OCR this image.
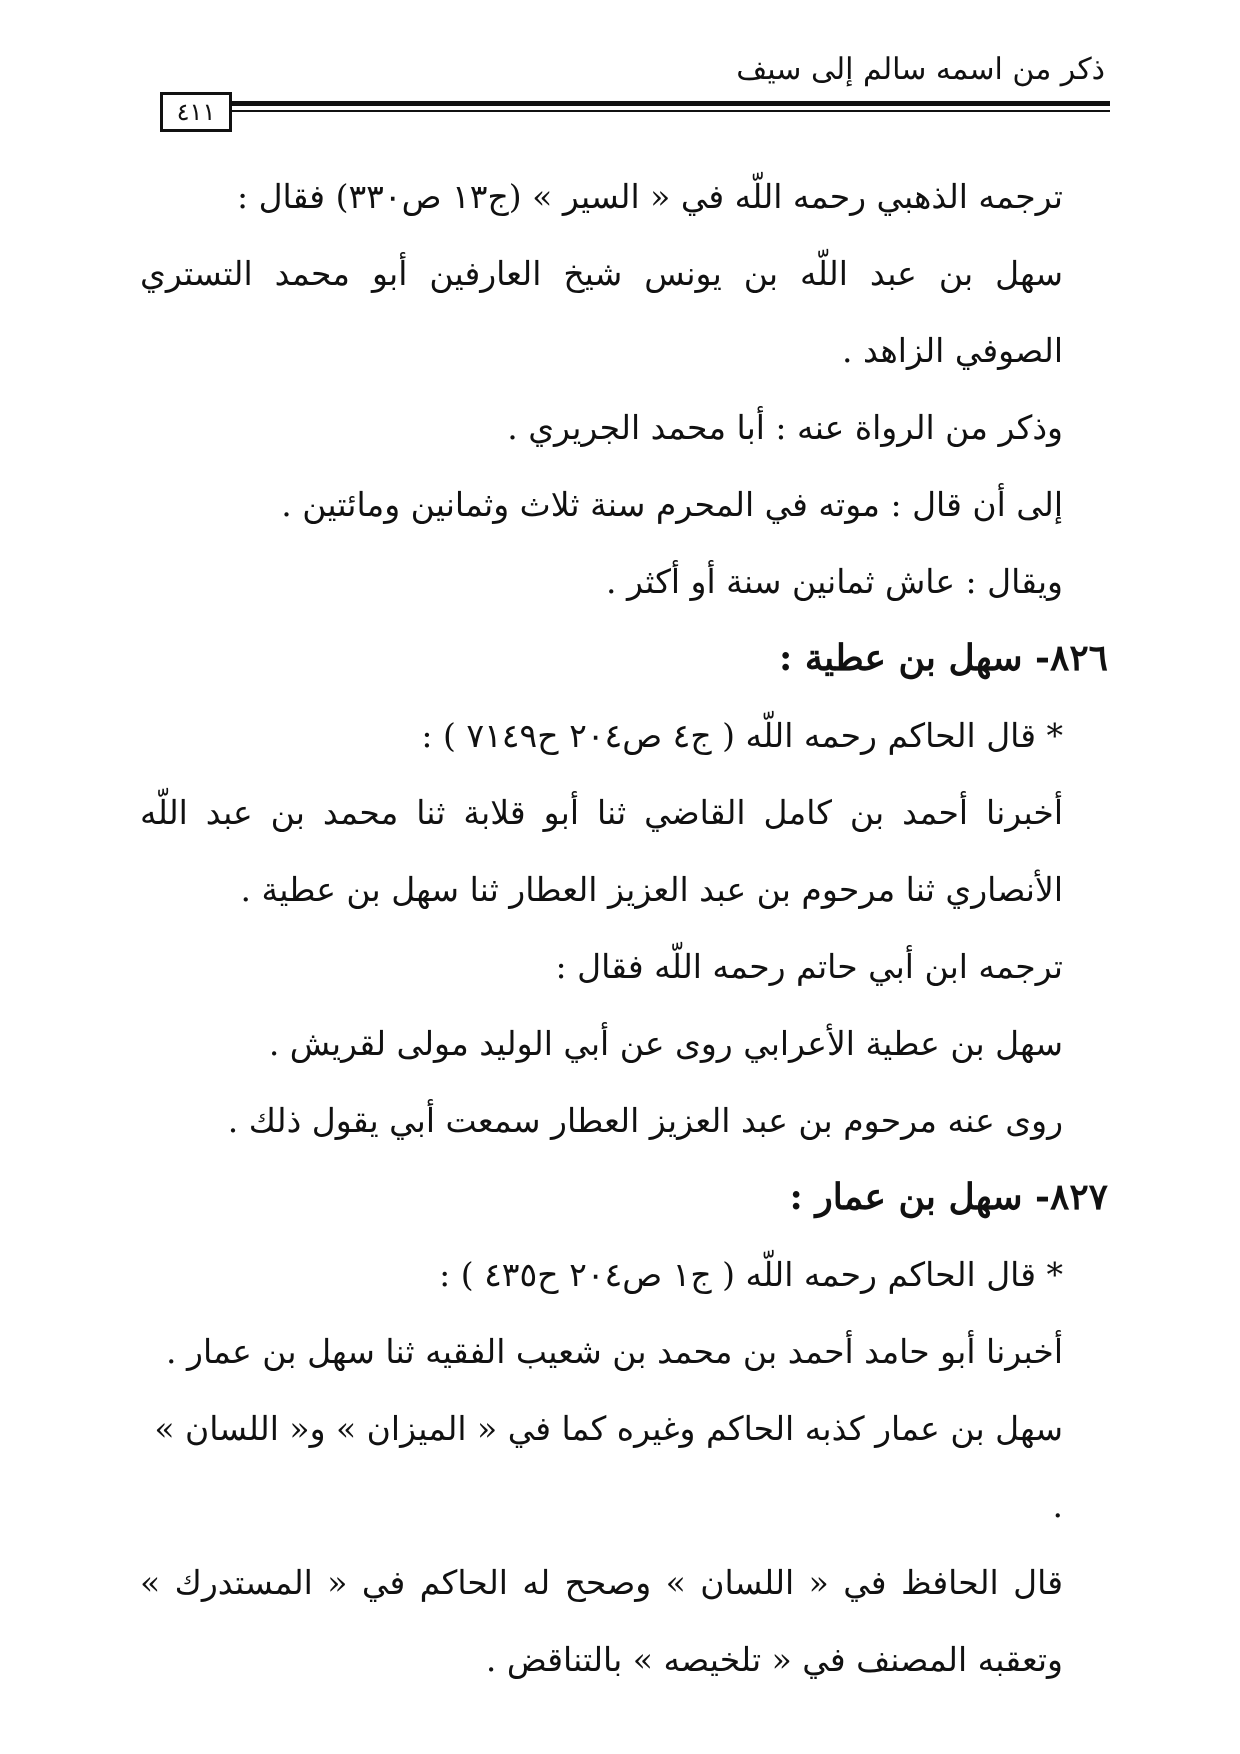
ذكر من اسمه سالم إلى سيف
٤١١

ترجمه الذهبي رحمه اللّه في « السير » (ج١٣ ص٣٣٠) فقال :

سهل بن عبد اللّه بن يونس شيخ العارفين أبو محمد التستري الصوفي الزاهد .

وذكر من الرواة عنه : أبا محمد الجريري .

إلى أن قال : موته في المحرم سنة ثلاث وثمانين ومائتين .

ويقال : عاش ثمانين سنة أو أكثر .

٨٢٦- سهل بن عطية :

* قال الحاكم رحمه اللّه ( ج٤ ص٢٠٤ ح٧١٤٩ ) :

أخبرنا أحمد بن كامل القاضي ثنا أبو قلابة ثنا محمد بن عبد اللّه الأنصاري ثنا مرحوم بن عبد العزيز العطار ثنا سهل بن عطية .

ترجمه ابن أبي حاتم رحمه اللّه فقال :

سهل بن عطية الأعرابي روى عن أبي الوليد مولى لقريش .

روى عنه مرحوم بن عبد العزيز العطار سمعت أبي يقول ذلك .

٨٢٧- سهل بن عمار :

* قال الحاكم رحمه اللّه ( ج١ ص٢٠٤ ح٤٣٥ ) :

أخبرنا أبو حامد أحمد بن محمد بن شعيب الفقيه ثنا سهل بن عمار .

سهل بن عمار كذبه الحاكم وغيره كما في « الميزان » و« اللسان » .

قال الحافظ في « اللسان » وصحح له الحاكم في « المستدرك » وتعقبه المصنف في « تلخيصه » بالتناقض .
